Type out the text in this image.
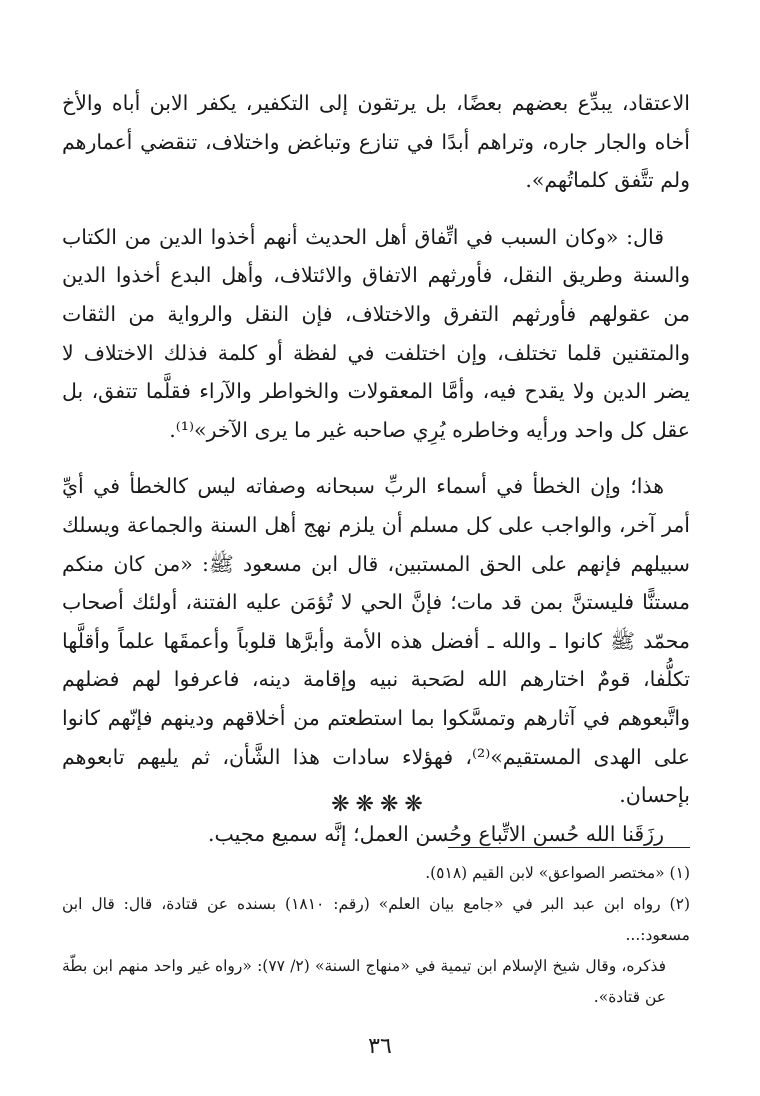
الاعتقاد، يبدِّع بعضهم بعضًا، بل يرتقون إلى التكفير، يكفر الابن أباه والأخ أخاه والجار جاره، وتراهم أبدًا في تنازع وتباغض واختلاف، تنقضي أعمارهم ولم تتَّفق كلماتُهم».

قال: «وكان السبب في اتِّفاق أهل الحديث أنهم أخذوا الدين من الكتاب والسنة وطريق النقل، فأورثهم الاتفاق والائتلاف، وأهل البدع أخذوا الدين من عقولهم فأورثهم التفرق والاختلاف، فإن النقل والرواية من الثقات والمتقنين قلما تختلف، وإن اختلفت في لفظة أو كلمة فذلك الاختلاف لا يضر الدين ولا يقدح فيه، وأمَّا المعقولات والخواطر والآراء فقلَّما تتفق، بل عقل كل واحد ورأيه وخاطره يُرِي صاحبه غير ما يرى الآخر»⁽¹⁾.

هذا؛ وإن الخطأ في أسماء الربِّ سبحانه وصفاته ليس كالخطأ في أيِّ أمر آخر، والواجب على كل مسلم أن يلزم نهج أهل السنة والجماعة ويسلك سبيلهم فإنهم على الحق المستبين، قال ابن مسعود ﷺ: «من كان منكم مستنًّا فليستنَّ بمن قد مات؛ فإنَّ الحي لا تُؤمَن عليه الفتنة، أولئك أصحاب محمّد ﷺ كانوا ـ والله ـ أفضل هذه الأمة وأبرَّها قلوباً وأعمقَها علماً وأقلَّها تكلُّفا، قومٌ اختارهم الله لصَحبة نبيه وإقامة دينه، فاعرفوا لهم فضلهم واتَّبعوهم في آثارهم وتمسَّكوا بما استطعتم من أخلاقهم ودينهم فإنّهم كانوا على الهدى المستقيم»⁽²⁾، فهؤلاء سادات هذا الشَّأن، ثم يليهم تابعوهم بإحسان.

رزَقَنا الله حُسن الاتِّباع وحُسن العمل؛ إنَّه سميع مجيب.

❋❋❋❋

(١) «مختصر الصواعق» لابن القيم (٥١٨).

(٢) رواه ابن عبد البر في «جامع بيان العلم» (رقم: ١٨١٠) بسنده عن قتادة، قال: قال ابن مسعود:...

فذكره، وقال شيخ الإسلام ابن تيمية في «منهاج السنة» (٢/ ٧٧): «رواه غير واحد منهم ابن بطّة عن قتادة».

٣٦
